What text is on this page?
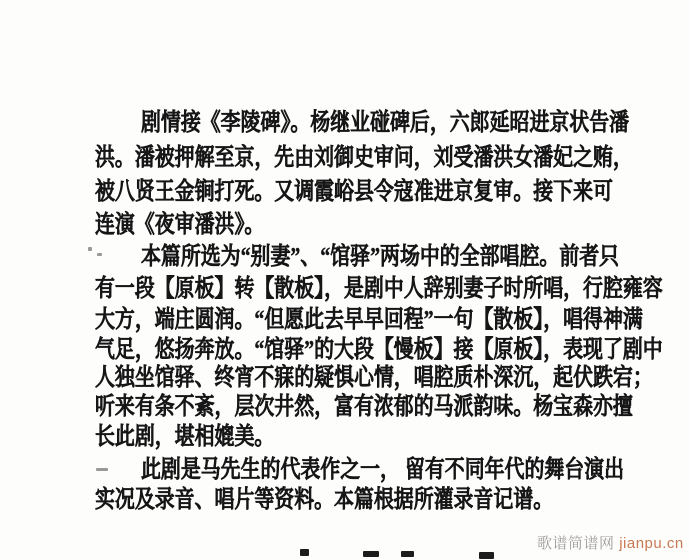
剧情接《李陵碑》。杨继业碰碑后，六郎延昭进京状告潘
洪。潘被押解至京，先由刘御史审问，刘受潘洪女潘妃之贿，
被八贤王金锏打死。又调霞峪县令寇准进京复审。接下来可
连演《夜审潘洪》。
本篇所选为“别妻”、“馆驿”两场中的全部唱腔。前者只
有一段【原板】转【散板】，是剧中人辞别妻子时所唱，行腔雍容
大方，端庄圆润。“但愿此去早早回程”一句【散板】，唱得神满
气足，悠扬奔放。“馆驿”的大段【慢板】接【原板】，表现了剧中
人独坐馆驿、终宵不寐的疑惧心情，唱腔质朴深沉，起伏跌宕；
听来有条不紊，层次井然，富有浓郁的马派韵味。杨宝森亦擅
长此剧，堪相媲美。
此剧是马先生的代表作之一， 留有不同年代的舞台演出
实况及录音、唱片等资料。本篇根据所灌录音记谱。
歌谱简谱网 jianpu.cn
